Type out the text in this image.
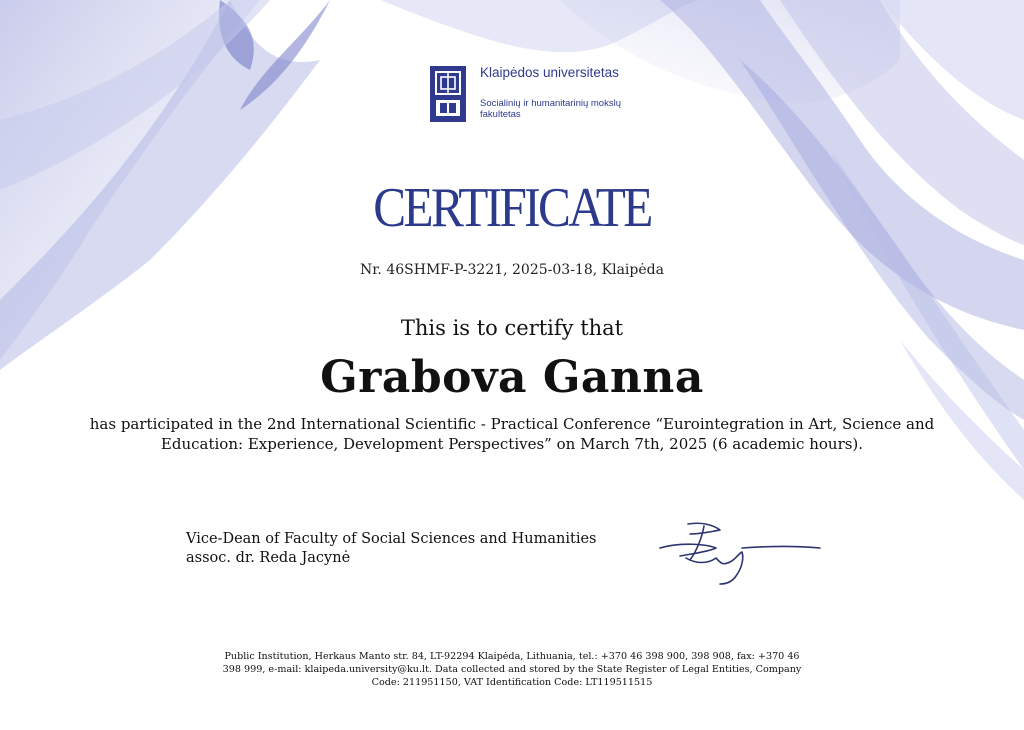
Klaipėdos universitetas
Socialinių ir humanitarinių mokslų fakultetas
CERTIFICATE
Nr. 46SHMF-P-3221, 2025-03-18, Klaipėda
This is to certify that
Grabova Ganna
has participated in the 2nd International Scientific - Practical Conference “Eurointegration in Art, Science and Education: Experience, Development Perspectives” on March 7th, 2025 (6 academic hours).
Vice-Dean of Faculty of Social Sciences and Humanities
assoc. dr. Reda Jacynė
Public Institution, Herkaus Manto str. 84, LT-92294 Klaipėda, Lithuania, tel.: +370 46 398 900, 398 908, fax: +370 46 398 999, e-mail: klaipeda.university@ku.lt. Data collected and stored by the State Register of Legal Entities, Company Code: 211951150, VAT Identification Code: LT119511515
